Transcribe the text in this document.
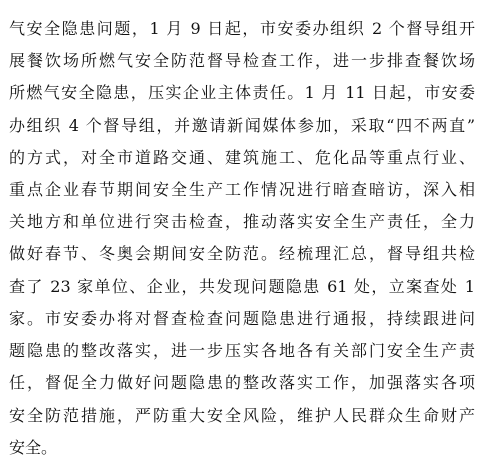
气安全隐患问题，1 月 9 日起，市安委办组织 2 个督导组开
展餐饮场所燃气安全防范督导检查工作，进一步排查餐饮场
所燃气安全隐患，压实企业主体责任。1 月 11 日起，市安委
办组织 4 个督导组，并邀请新闻媒体参加，采取“四不两直”
的方式，对全市道路交通、建筑施工、危化品等重点行业、
重点企业春节期间安全生产工作情况进行暗查暗访，深入相
关地方和单位进行突击检查，推动落实安全生产责任，全力
做好春节、冬奥会期间安全防范。经梳理汇总，督导组共检
查了 23 家单位、企业，共发现问题隐患 61 处，立案查处 1
家。市安委办将对督查检查问题隐患进行通报，持续跟进问
题隐患的整改落实，进一步压实各地各有关部门安全生产责
任，督促全力做好问题隐患的整改落实工作，加强落实各项
安全防范措施，严防重大安全风险，维护人民群众生命财产
安全。
